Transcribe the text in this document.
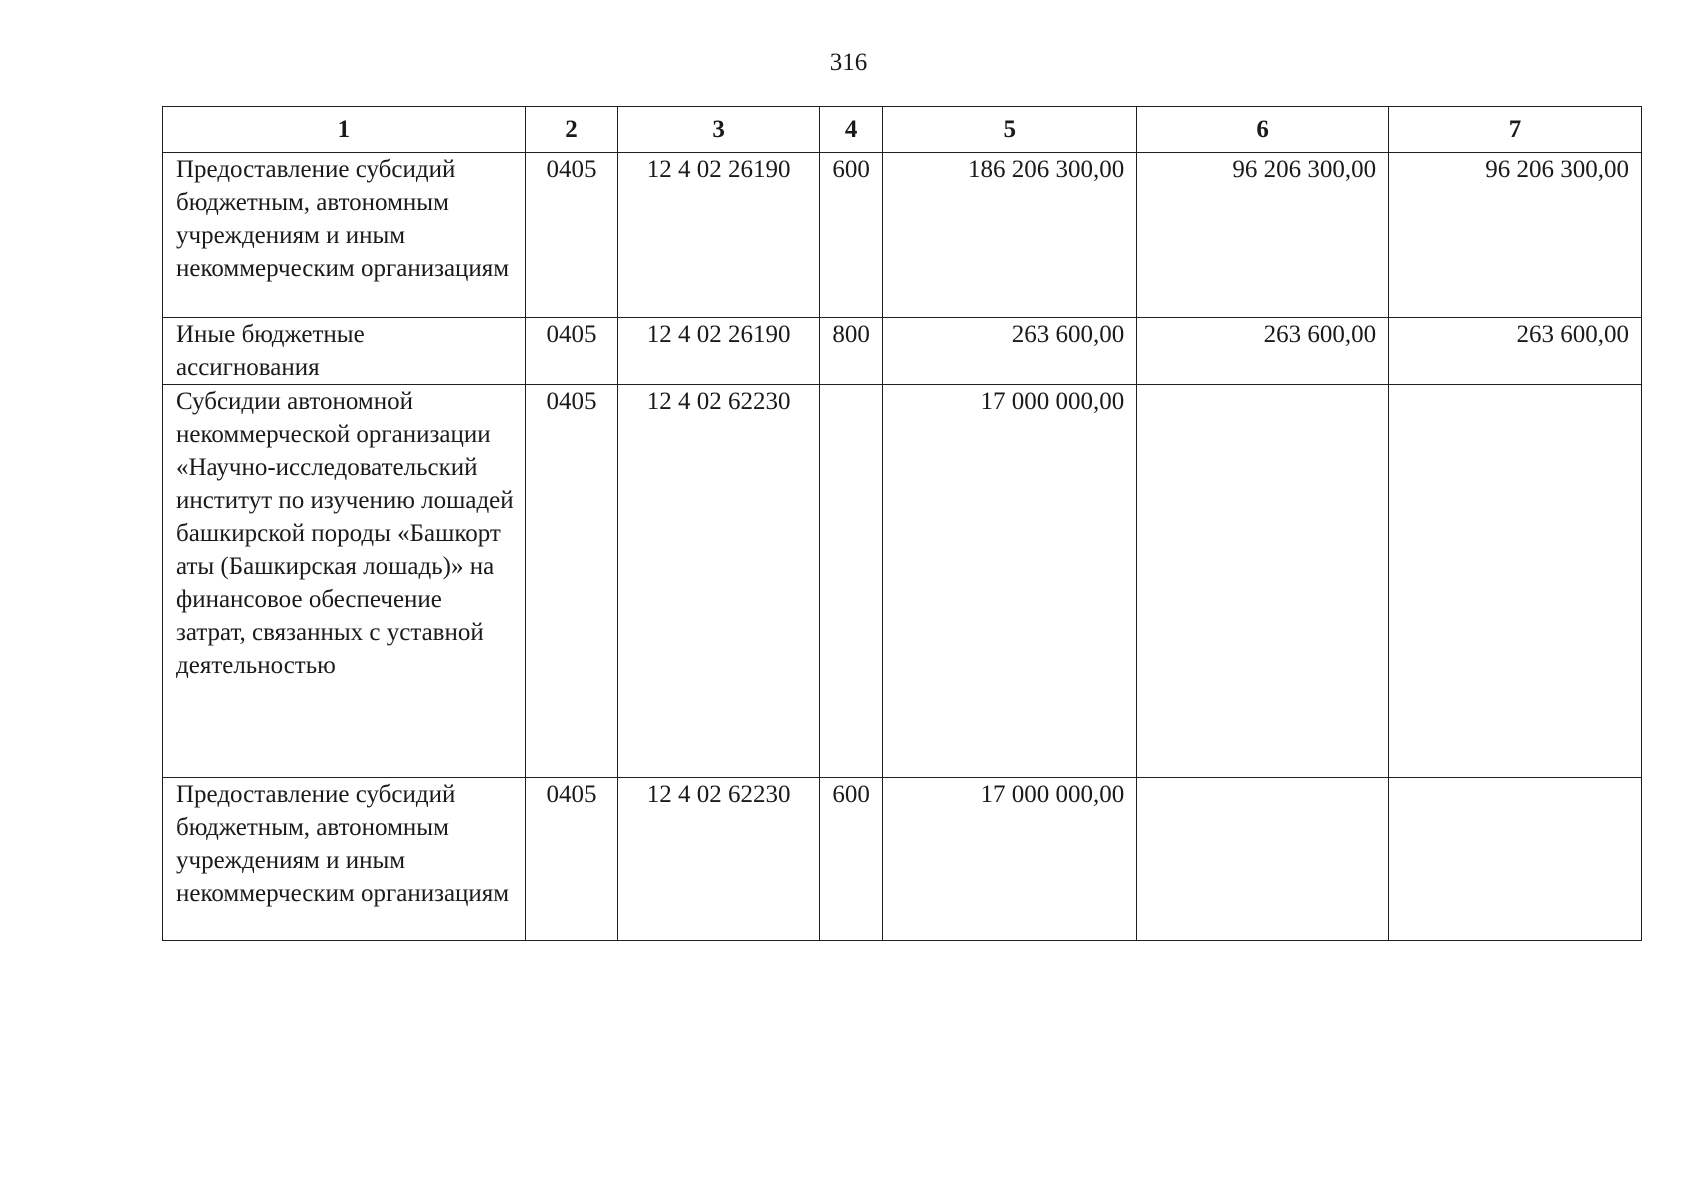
316
1	2	3	4	5	6	7
Предоставление субсидий бюджетным, автономным учреждениям и иным некоммерческим организациям	0405	12 4 02 26190	600	186 206 300,00	96 206 300,00	96 206 300,00
Иные бюджетные ассигнования	0405	12 4 02 26190	800	263 600,00	263 600,00	263 600,00
Субсидии автономной некоммерческой организации «Научно-исследовательский институт по изучению лошадей башкирской породы «Башкорт аты (Башкирская лошадь)» на финансовое обеспечение затрат, связанных с уставной деятельностью	0405	12 4 02 62230		17 000 000,00		
Предоставление субсидий бюджетным, автономным учреждениям и иным некоммерческим организациям	0405	12 4 02 62230	600	17 000 000,00		
